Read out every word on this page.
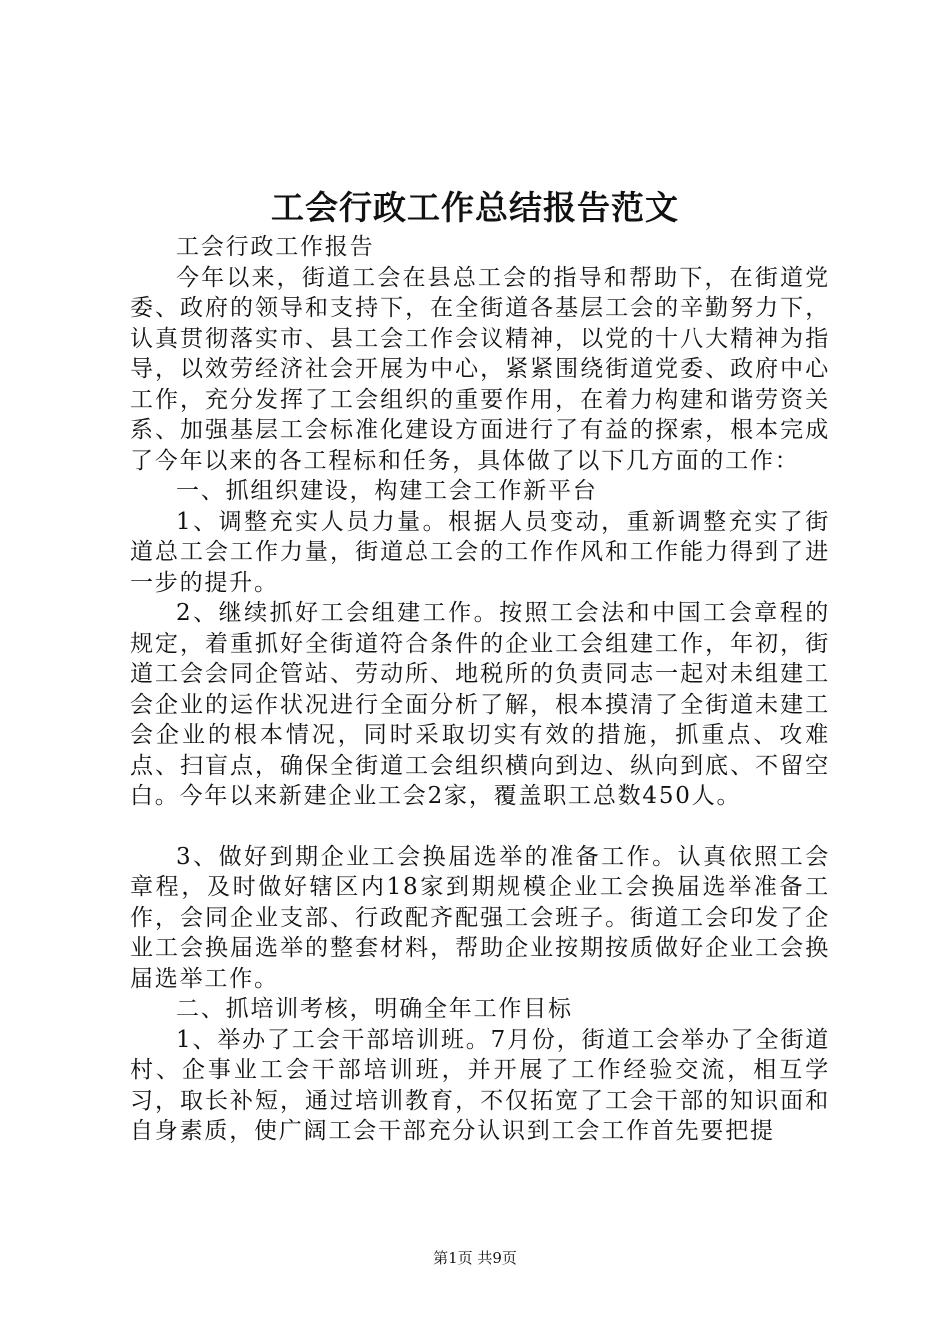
工会行政工作总结报告范文

工会行政工作报告

今年以来，街道工会在县总工会的指导和帮助下，在街道党委、政府的领导和支持下，在全街道各基层工会的辛勤努力下，认真贯彻落实市、县工会工作会议精神，以党的十八大精神为指导，以效劳经济社会开展为中心，紧紧围绕街道党委、政府中心工作，充分发挥了工会组织的重要作用，在着力构建和谐劳资关系、加强基层工会标准化建设方面进行了有益的探索，根本完成了今年以来的各工程标和任务，具体做了以下几方面的工作：

一、抓组织建设，构建工会工作新平台

1、调整充实人员力量。根据人员变动，重新调整充实了街道总工会工作力量，街道总工会的工作作风和工作能力得到了进一步的提升。

2、继续抓好工会组建工作。按照工会法和中国工会章程的规定，着重抓好全街道符合条件的企业工会组建工作，年初，街道工会会同企管站、劳动所、地税所的负责同志一起对未组建工会企业的运作状况进行全面分析了解，根本摸清了全街道未建工会企业的根本情况，同时采取切实有效的措施，抓重点、攻难点、扫盲点，确保全街道工会组织横向到边、纵向到底、不留空白。今年以来新建企业工会2家，覆盖职工总数450人。

3、做好到期企业工会换届选举的准备工作。认真依照工会章程，及时做好辖区内18家到期规模企业工会换届选举准备工作，会同企业支部、行政配齐配强工会班子。街道工会印发了企业工会换届选举的整套材料，帮助企业按期按质做好企业工会换届选举工作。

二、抓培训考核，明确全年工作目标

1、举办了工会干部培训班。7月份，街道工会举办了全街道村、企事业工会干部培训班，并开展了工作经验交流，相互学习，取长补短，通过培训教育，不仅拓宽了工会干部的知识面和自身素质，使广阔工会干部充分认识到工会工作首先要把提

第1页 共9页
